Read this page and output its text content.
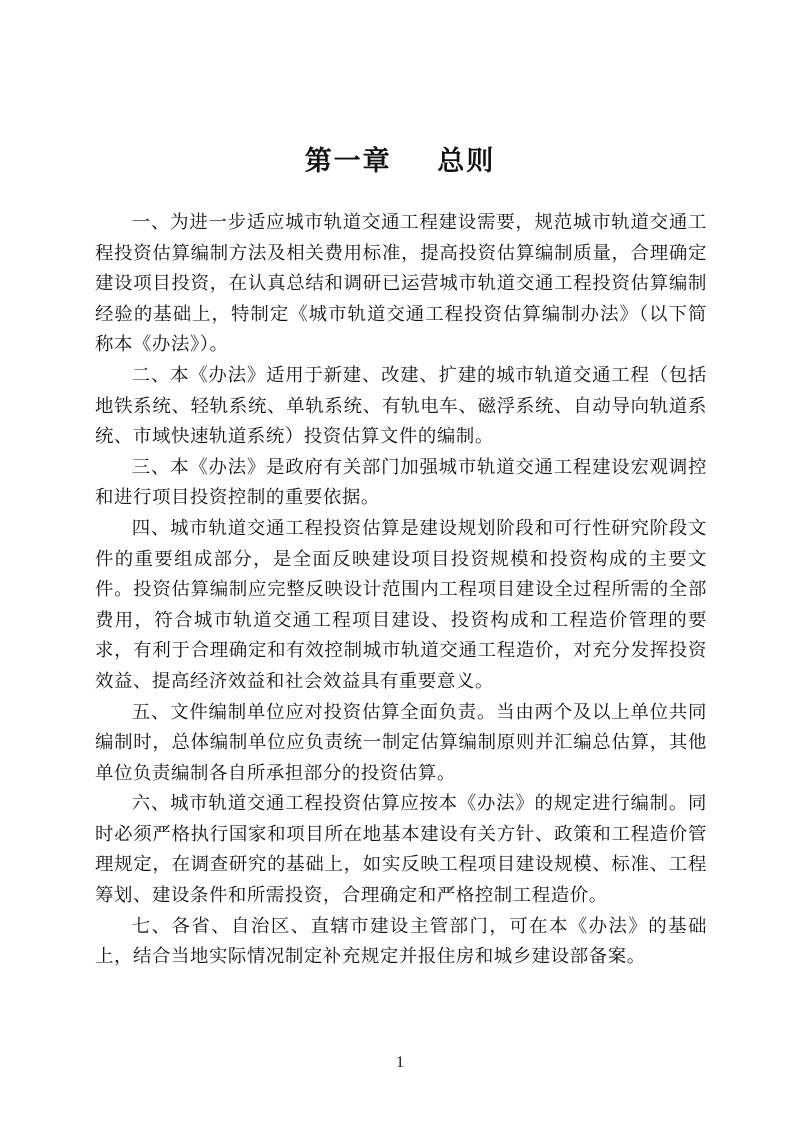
第一章    总则

一、为进一步适应城市轨道交通工程建设需要，规范城市轨道交通工程投资估算编制方法及相关费用标准，提高投资估算编制质量，合理确定建设项目投资，在认真总结和调研已运营城市轨道交通工程投资估算编制经验的基础上，特制定《城市轨道交通工程投资估算编制办法》（以下简称本《办法》）。

二、本《办法》适用于新建、改建、扩建的城市轨道交通工程（包括地铁系统、轻轨系统、单轨系统、有轨电车、磁浮系统、自动导向轨道系统、市域快速轨道系统）投资估算文件的编制。

三、本《办法》是政府有关部门加强城市轨道交通工程建设宏观调控和进行项目投资控制的重要依据。

四、城市轨道交通工程投资估算是建设规划阶段和可行性研究阶段文件的重要组成部分，是全面反映建设项目投资规模和投资构成的主要文件。投资估算编制应完整反映设计范围内工程项目建设全过程所需的全部费用，符合城市轨道交通工程项目建设、投资构成和工程造价管理的要求，有利于合理确定和有效控制城市轨道交通工程造价，对充分发挥投资效益、提高经济效益和社会效益具有重要意义。

五、文件编制单位应对投资估算全面负责。当由两个及以上单位共同编制时，总体编制单位应负责统一制定估算编制原则并汇编总估算，其他单位负责编制各自所承担部分的投资估算。

六、城市轨道交通工程投资估算应按本《办法》的规定进行编制。同时必须严格执行国家和项目所在地基本建设有关方针、政策和工程造价管理规定，在调查研究的基础上，如实反映工程项目建设规模、标准、工程筹划、建设条件和所需投资，合理确定和严格控制工程造价。

七、各省、自治区、直辖市建设主管部门，可在本《办法》的基础上，结合当地实际情况制定补充规定并报住房和城乡建设部备案。

1
